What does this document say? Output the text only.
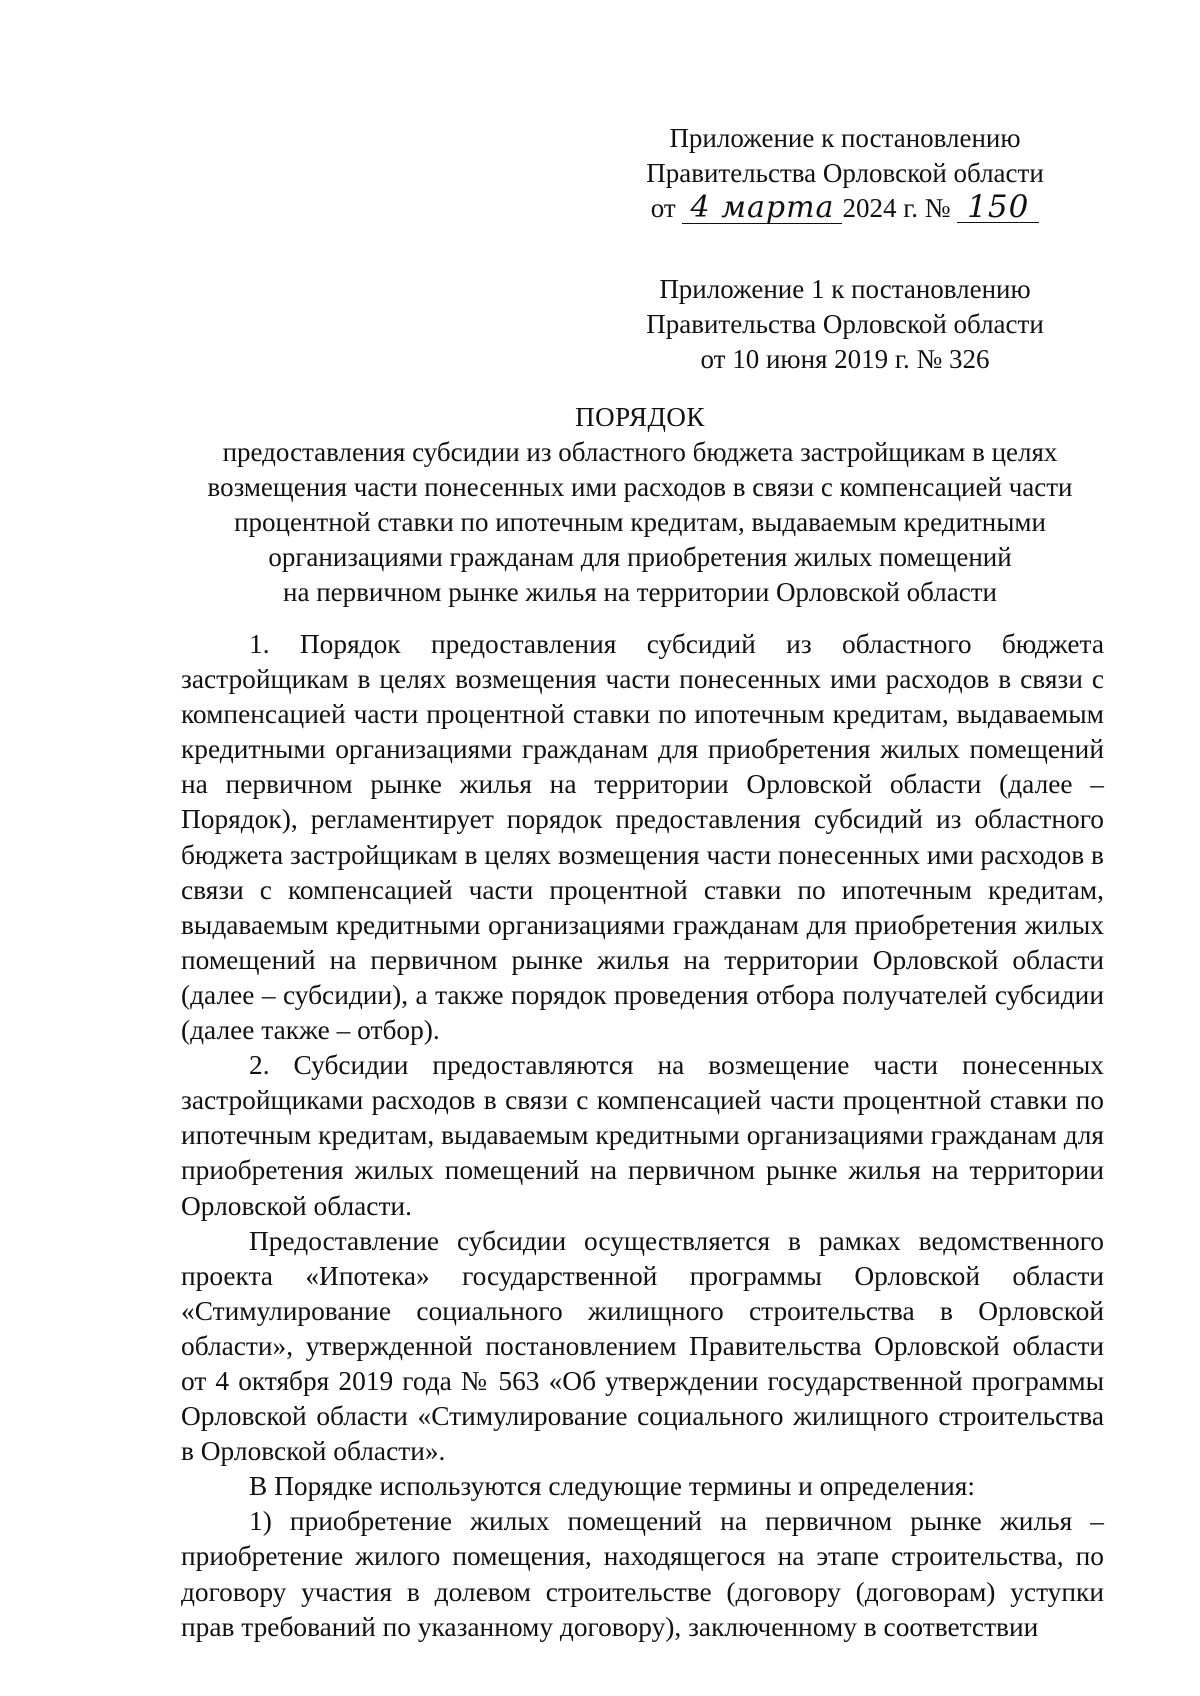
Приложение к постановлению
Правительства Орловской области
от 4 марта 2024 г. № 150
Приложение 1 к постановлению
Правительства Орловской области
от 10 июня 2019 г. № 326
ПОРЯДОК
предоставления субсидии из областного бюджета застройщикам в целях
возмещения части понесенных ими расходов в связи с компенсацией части
процентной ставки по ипотечным кредитам, выдаваемым кредитными
организациями гражданам для приобретения жилых помещений
на первичном рынке жилья на территории Орловской области

1. Порядок предоставления субсидий из областного бюджета застройщикам в целях возмещения части понесенных ими расходов в связи с компенсацией части процентной ставки по ипотечным кредитам, выдаваемым кредитными организациями гражданам для приобретения жилых помещений на первичном рынке жилья на территории Орловской области (далее – Порядок), регламентирует порядок предоставления субсидий из областного бюджета застройщикам в целях возмещения части понесенных ими расходов в связи с компенсацией части процентной ставки по ипотечным кредитам, выдаваемым кредитными организациями гражданам для приобретения жилых помещений на первичном рынке жилья на территории Орловской области (далее – субсидии), а также порядок проведения отбора получателей субсидии (далее также – отбор).

2. Субсидии предоставляются на возмещение части понесенных застройщиками расходов в связи с компенсацией части процентной ставки по ипотечным кредитам, выдаваемым кредитными организациями гражданам для приобретения жилых помещений на первичном рынке жилья на территории Орловской области.

Предоставление субсидии осуществляется в рамках ведомственного проекта «Ипотека» государственной программы Орловской области «Стимулирование социального жилищного строительства в Орловской области», утвержденной постановлением Правительства Орловской области от 4 октября 2019 года № 563 «Об утверждении государственной программы Орловской области «Стимулирование социального жилищного строительства в Орловской области».

В Порядке используются следующие термины и определения:

1) приобретение жилых помещений на первичном рынке жилья – приобретение жилого помещения, находящегося на этапе строительства, по договору участия в долевом строительстве (договору (договорам) уступки прав требований по указанному договору), заключенному в соответствии
